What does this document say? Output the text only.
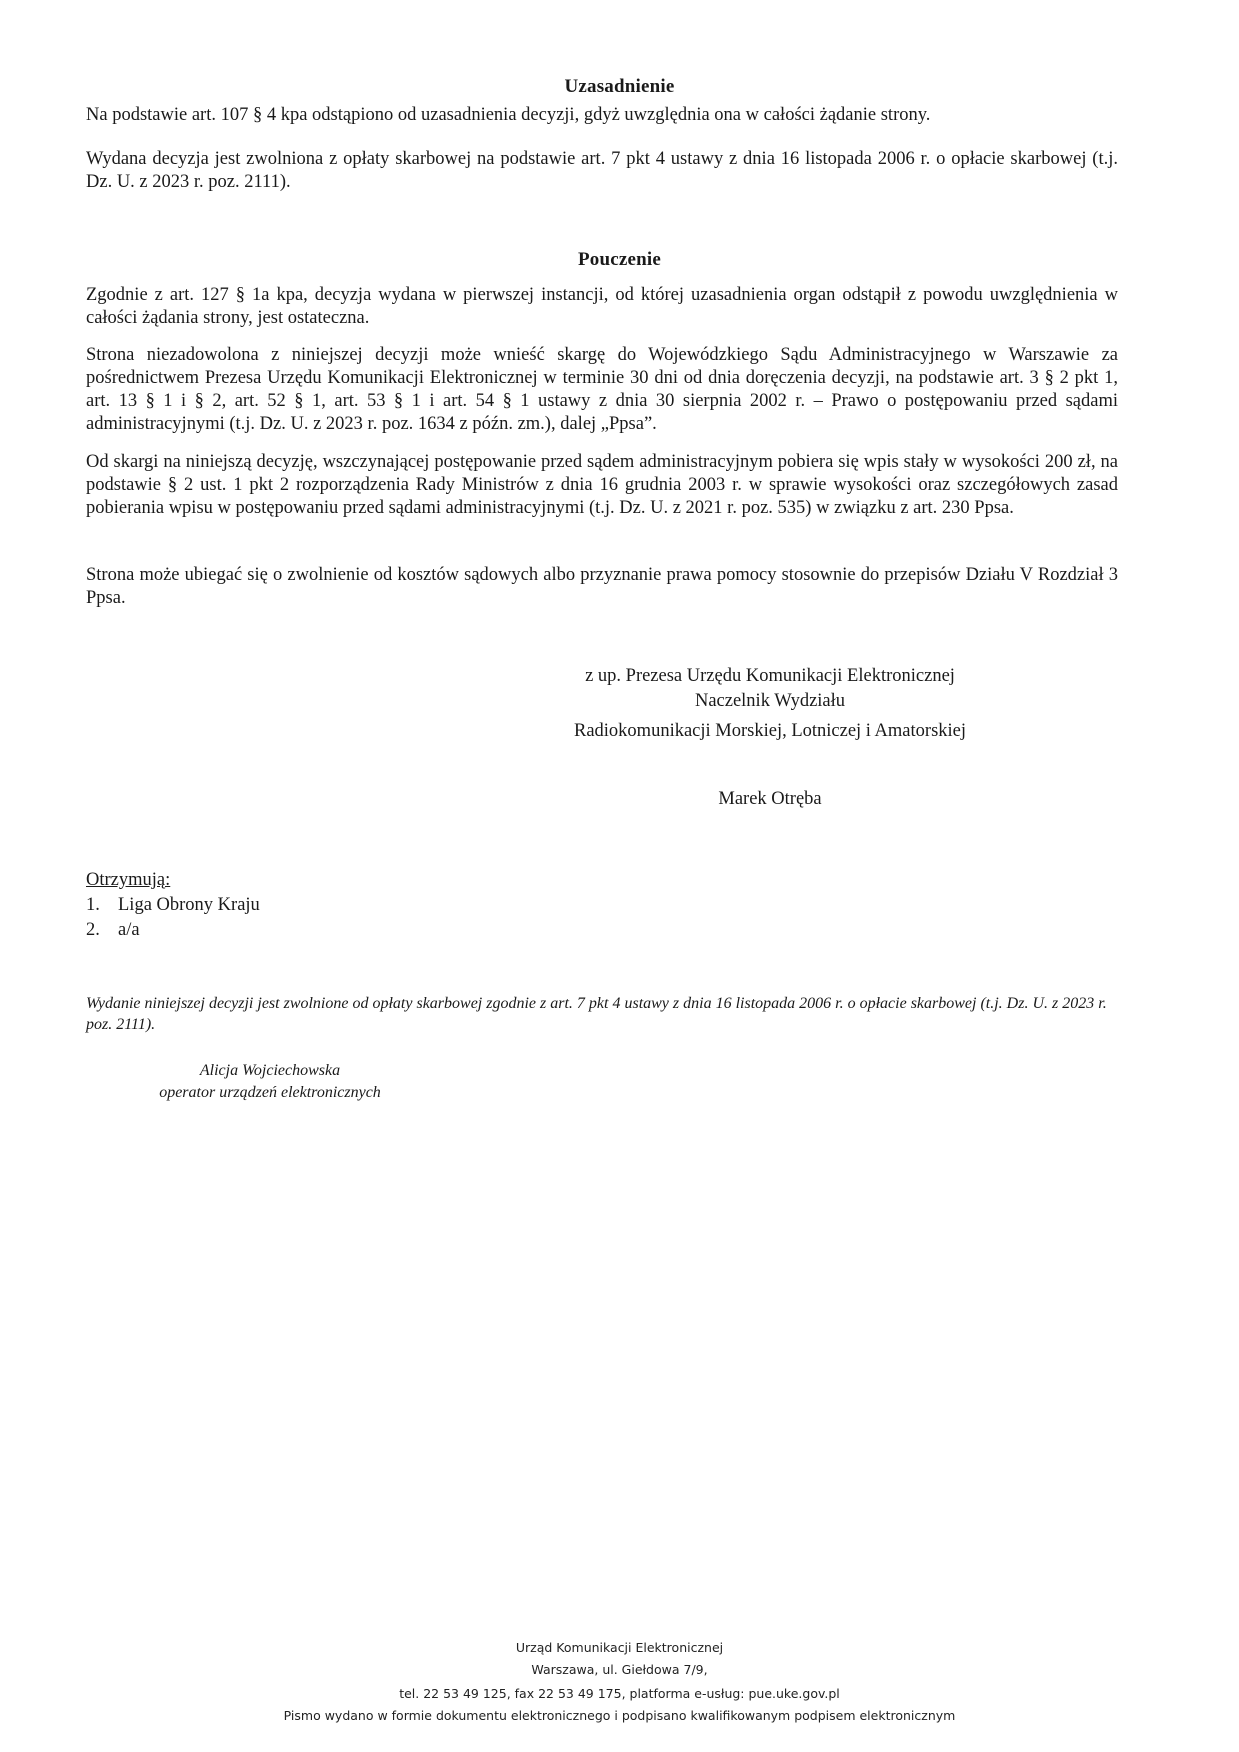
Uzasadnienie
Na podstawie art. 107 § 4 kpa odstąpiono od uzasadnienia decyzji, gdyż uwzględnia ona w całości żądanie strony.
Wydana decyzja jest zwolniona z opłaty skarbowej na podstawie art. 7 pkt 4 ustawy z dnia 16 listopada 2006 r. o opłacie skarbowej (t.j. Dz. U. z 2023 r. poz. 2111).
Pouczenie
Zgodnie z art. 127 § 1a kpa, decyzja wydana w pierwszej instancji, od której uzasadnienia organ odstąpił z powodu uwzględnienia w całości żądania strony, jest ostateczna.
Strona niezadowolona z niniejszej decyzji może wnieść skargę do Wojewódzkiego Sądu Administracyjnego w Warszawie za pośrednictwem Prezesa Urzędu Komunikacji Elektronicznej w terminie 30 dni od dnia doręczenia decyzji, na podstawie art. 3 § 2 pkt 1, art. 13 § 1 i § 2, art. 52 § 1, art. 53 § 1 i art. 54 § 1 ustawy z dnia 30 sierpnia 2002 r. – Prawo o postępowaniu przed sądami administracyjnymi (t.j. Dz. U. z 2023 r. poz. 1634 z późn. zm.), dalej „Ppsa”.
Od skargi na niniejszą decyzję, wszczynającej postępowanie przed sądem administracyjnym pobiera się wpis stały w wysokości 200 zł, na podstawie § 2 ust. 1 pkt 2 rozporządzenia Rady Ministrów z dnia 16 grudnia 2003 r. w sprawie wysokości oraz szczegółowych zasad pobierania wpisu w postępowaniu przed sądami administracyjnymi (t.j. Dz. U. z 2021 r. poz. 535) w związku z art. 230 Ppsa.
Strona może ubiegać się o zwolnienie od kosztów sądowych albo przyznanie prawa pomocy stosownie do przepisów Działu V Rozdział 3 Ppsa.
z up. Prezesa Urzędu Komunikacji Elektronicznej
Naczelnik Wydziału
Radiokomunikacji Morskiej, Lotniczej i Amatorskiej
Marek Otręba
Otrzymują:
1. Liga Obrony Kraju
2. a/a
Wydanie niniejszej decyzji jest zwolnione od opłaty skarbowej zgodnie z art. 7 pkt 4 ustawy z dnia 16 listopada 2006 r. o opłacie skarbowej (t.j. Dz. U. z 2023 r. poz. 2111).
Alicja Wojciechowska
operator urządzeń elektronicznych
Urząd Komunikacji Elektronicznej
Warszawa, ul. Giełdowa 7/9,
tel. 22 53 49 125, fax 22 53 49 175, platforma e-usług: pue.uke.gov.pl
Pismo wydano w formie dokumentu elektronicznego i podpisano kwalifikowanym podpisem elektronicznym
